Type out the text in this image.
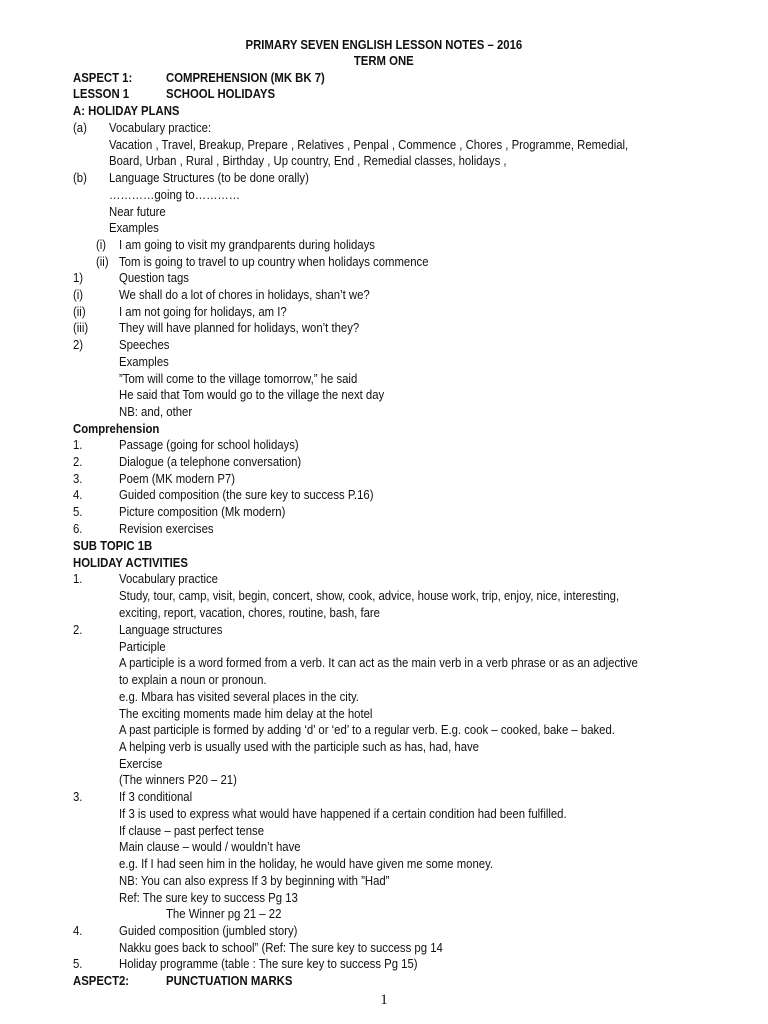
PRIMARY SEVEN ENGLISH LESSON NOTES – 2016
TERM ONE
ASPECT 1:	COMPREHENSION (MK BK 7)
LESSON 1	SCHOOL HOLIDAYS
A: HOLIDAY PLANS
(a) Vocabulary practice:
Vacation , Travel, Breakup, Prepare , Relatives , Penpal , Commence , Chores , Programme, Remedial,
Board, Urban , Rural , Birthday , Up country, End , Remedial classes, holidays ,
(b) Language Structures (to be done orally)
…………going to…………
Near future
Examples
(i) I am going to visit my grandparents during holidays
(ii) Tom is going to travel to up country when holidays commence
1)	Question tags
(i)	We shall do a lot of chores in holidays, shan’t we?
(ii)	I am not going for holidays, am I?
(iii) They will have planned for holidays, won’t they?
2)	Speeches
Examples
”Tom will come to the village tomorrow,” he said
He said that Tom would go to the village the next day
NB: and, other
Comprehension
1.	Passage (going for school holidays)
2.	Dialogue (a telephone conversation)
3.	Poem (MK modern P7)
4.	Guided composition (the sure key to success P.16)
5.	Picture composition (Mk modern)
6.	Revision exercises
SUB TOPIC 1B
HOLIDAY ACTIVITIES
1.	Vocabulary practice
Study, tour, camp, visit, begin, concert, show, cook, advice, house work, trip, enjoy, nice, interesting,
exciting, report, vacation, chores, routine, bash, fare
2.	Language structures
Participle
A participle is a word formed from a verb. It can act as the main verb in a verb phrase or as an adjective
to explain a noun or pronoun.
e.g. Mbara has visited several places in the city.
The exciting moments made him delay at the hotel
A past participle is formed by adding ‘d’ or ‘ed’ to a regular verb. E.g. cook – cooked, bake – baked.
A helping verb is usually used with the participle such as has, had, have
Exercise
(The winners P20 – 21)
3.	If 3 conditional
If 3 is used to express what would have happened if a certain condition had been fulfilled.
If clause – past perfect tense
Main clause – would / wouldn’t have
e.g. If I had seen him in the holiday, he would have given me some money.
NB: You can also express If 3 by beginning with ”Had”
Ref: The sure key to success Pg 13
The Winner pg 21 – 22
4.	Guided composition (jumbled story)
Nakku goes back to school” (Ref: The sure key to success pg 14
5.	Holiday programme (table : The sure key to success Pg 15)
ASPECT2:	PUNCTUATION MARKS
1
